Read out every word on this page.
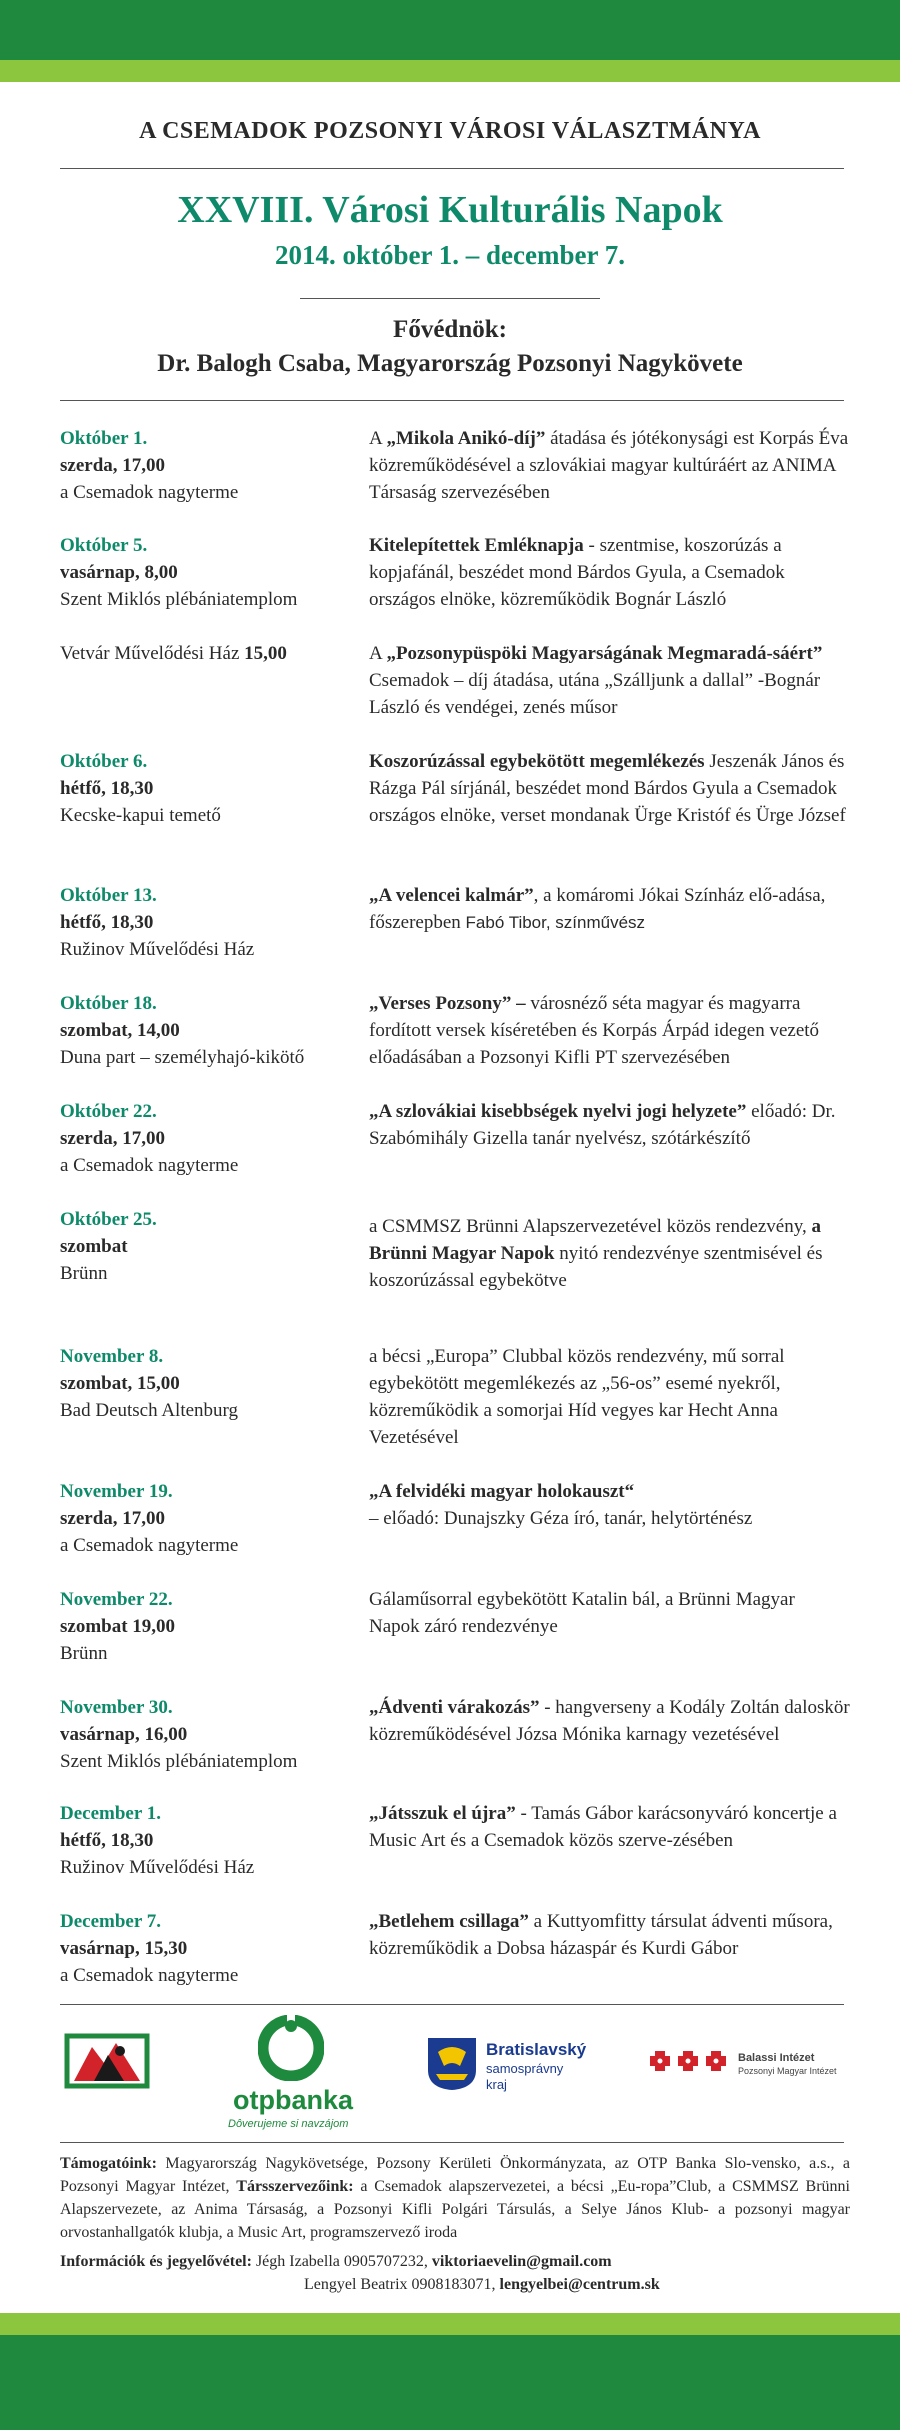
A CSEMADOK POZSONYI VÁROSI VÁLASZTMÁNYA
XXVIII. Városi Kulturális Napok
2014. október 1. – december 7.
Fővédnök:
Dr. Balogh Csaba, Magyarország Pozsonyi Nagykövete
Október 1.
szerda, 17,00
a Csemadok nagyterme
A „Mikola Anikó-díj” átadása és jótékonysági est Korpás Éva közreműködésével a szlovákiai magyar kultúráért az ANIMA Társaság szervezésében
Október 5.
vasárnap, 8,00
Szent Miklós plébániatemplom
Kitelepítettek Emléknapja - szentmise, koszorúzás a kopjafánál, beszédet mond Bárdos Gyula, a Csemadok országos elnöke, közreműködik Bognár László
Vetvár Művelődési Ház 15,00	A „Pozsonypüspöki Magyarságának Megmaradá-sáért” Csemadok – díj átadása, utána „Szálljunk a dallal” -Bognár László és vendégei, zenés műsor
Október 6.
hétfő, 18,30
Kecske-kapui temető
Koszorúzással egybekötött megemlékezés Jeszenák János és Rázga Pál sírjánál, beszédet mond Bárdos Gyula a Csemadok országos elnöke, verset mondanak Ürge Kristóf és Ürge József
Október 13.
hétfő, 18,30
Ružinov Művelődési Ház
„A velencei kalmár”, a komáromi Jókai Színház elő-adása, főszerepben Fabó Tibor, színművész
Október 18.
szombat, 14,00
Duna part – személyhajó-kikötő
„Verses Pozsony” – városnéző séta magyar és magyarra fordított versek kíséretében és Korpás Árpád idegen vezető előadásában a Pozsonyi Kifli PT szervezésében
Október 22.
szerda, 17,00
a Csemadok nagyterme
„A szlovákiai kisebbségek nyelvi jogi helyzete” előadó: Dr. Szabómihály Gizella tanár nyelvész, szótárkészítő
Október 25.
szombat
Brünn
a CSMMSZ Brünni Alapszervezetével közös rendezvény, a Brünni Magyar Napok nyitó rendezvénye szentmisével és koszorúzással egybekötve
November 8.
szombat, 15,00
Bad Deutsch Altenburg
a bécsi „Europa” Clubbal közös rendezvény, mű sorral egybekötött megemlékezés az „56-os” esemé nyekről, közreműködik a somorjai Híd vegyes kar Hecht Anna Vezetésével
November 19.
szerda, 17,00
a Csemadok nagyterme
„A felvidéki magyar holokauszt“
– előadó: Dunajszky Géza író, tanár, helytörténész
November 22.
szombat 19,00
Brünn
Gálaműsorral egybekötött Katalin bál, a Brünni Magyar Napok záró rendezvénye
November 30.
vasárnap, 16,00
Szent Miklós plébániatemplom
„Ádventi várakozás” - hangverseny a Kodály Zoltán daloskör közreműködésével Józsa Mónika karnagy vezetésével
December 1.
hétfő, 18,30
Ružinov Művelődési Ház
„Játsszuk el újra” - Tamás Gábor karácsonyváró koncertje a Music Art és a Csemadok közös szerve-zésében
December 7.
vasárnap, 15,30
a Csemadok nagyterme
„Betlehem csillaga” a Kuttyomfitty társulat ádventi műsora, közreműködik a Dobsa házaspár és Kurdi Gábor
otpbanka
Dôverujeme si navzájom
Bratislavský
samosprávny
kraj
Balassi Intézet
Pozsonyi Magyar Intézet
Támogatóink: Magyarország Nagykövetsége, Pozsony Kerületi Önkormányzata, az OTP Banka Slo-vensko, a.s., a Pozsonyi Magyar Intézet, Társszervezőink: a Csemadok alapszervezetei, a bécsi „Eu-ropa”Club, a CSMMSZ Brünni Alapszervezete, az Anima Társaság, a Pozsonyi Kifli Polgári Társulás, a Selye János Klub- a pozsonyi magyar orvostanhallgatók klubja, a Music Art, programszervező iroda
Információk és jegyelővétel: Jégh Izabella 0905707232, viktoriaevelin@gmail.com
Lengyel Beatrix 0908183071, lengyelbei@centrum.sk
